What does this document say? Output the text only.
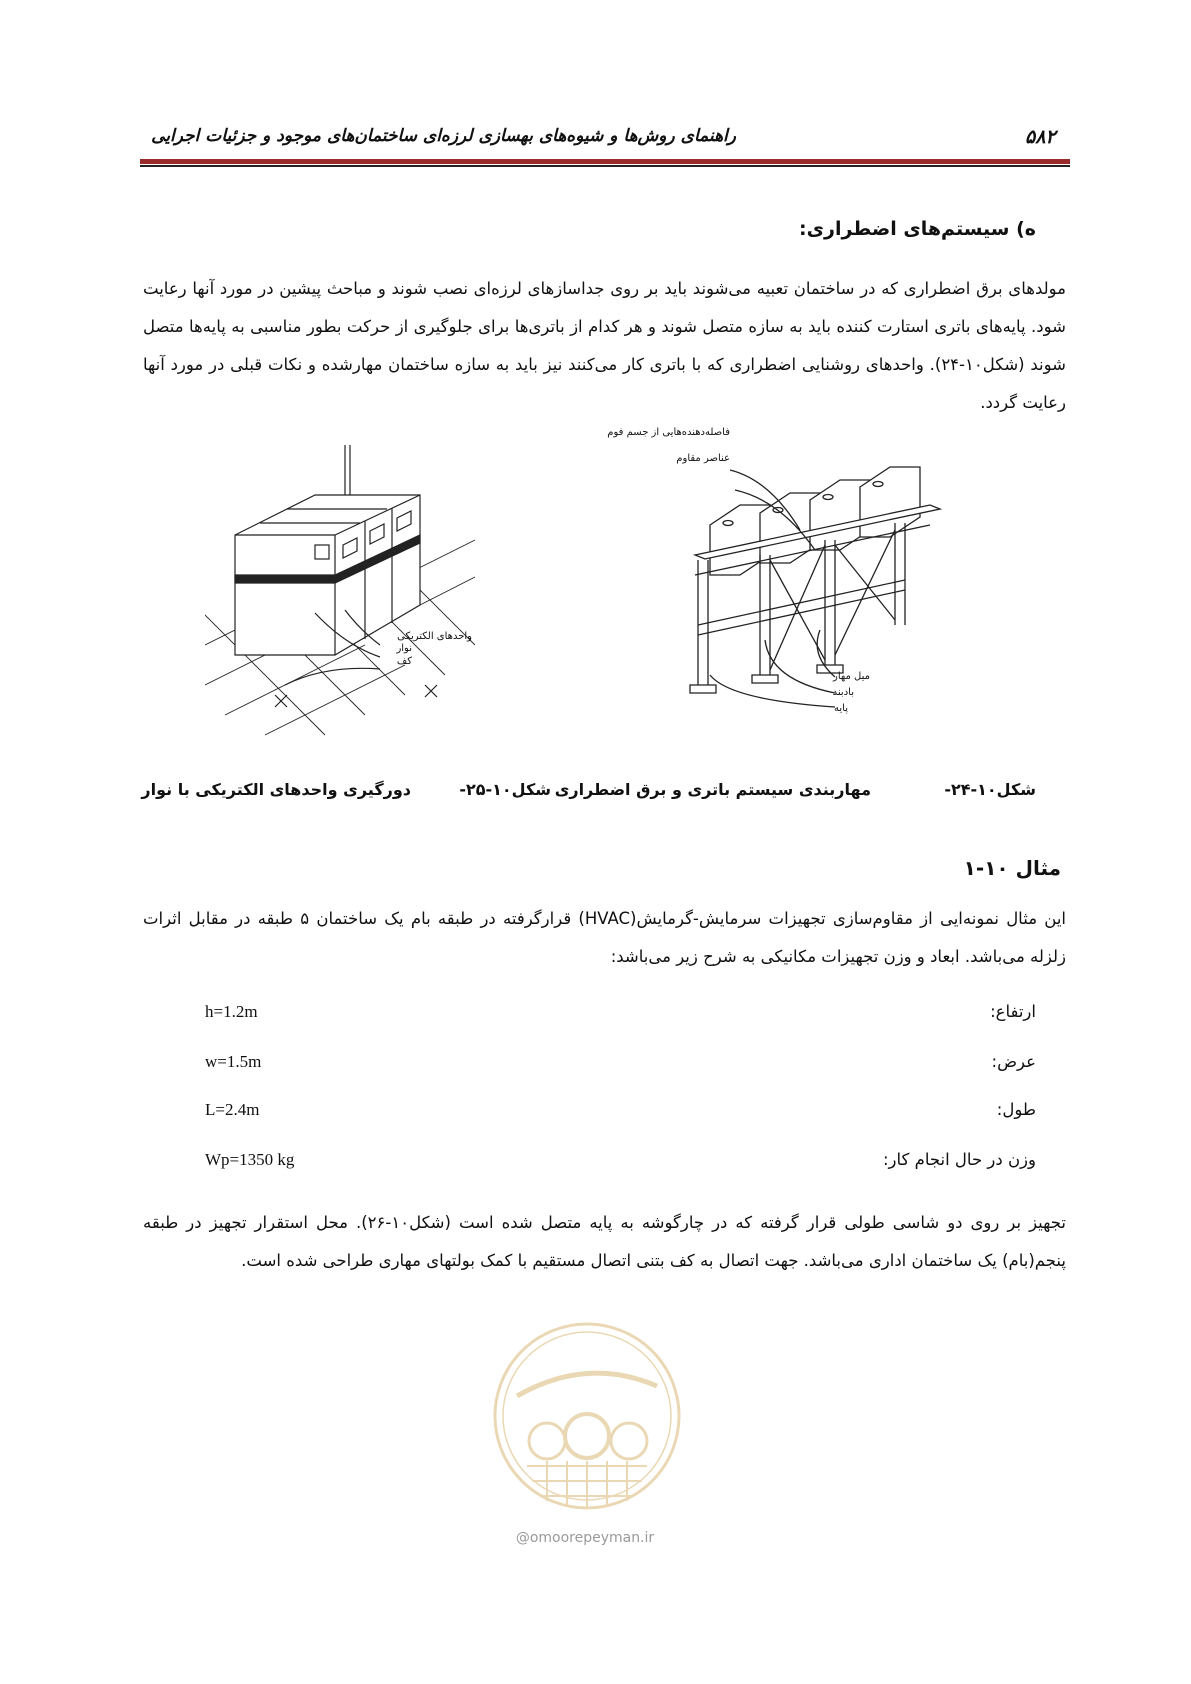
راهنمای روش‌ها و شیوه‌های بهسازی لرزه‌ای ساختمان‌های موجود و جزئیات اجرایی	۵۸۲
ه) سیستم‌های اضطراری:
مولدهای برق اضطراری که در ساختمان تعبیه می‌شوند باید بر روی جداسازهای لرزه‌ای نصب شوند و مباحث پیشین در مورد آنها رعایت شود. پایه‌های باتری استارت کننده باید به سازه متصل شوند و هر کدام از باتری‌ها برای جلوگیری از حرکت بطور مناسبی به پایه‌ها متصل شوند (شکل۱۰-۲۴). واحدهای روشنایی اضطراری که با باتری کار می‌کنند نیز باید به سازه ساختمان مهارشده و نکات قبلی در مورد آنها رعایت گردد.
واحدهای الکتریکی
نوار
کف
فاصله‌دهنده‌هایی از جسم فوم
عناصر مقاوم
میل مهار
بادبند
پایه
شکل۱۰-۲۴-
مهاربندی سیستم باتری و برق اضطراری
شکل۱۰-۲۵-
دورگیری واحدهای الکتریکی با نوار
مثال ۱۰-۱
این مثال نمونه‌ایی از مقاوم‌سازی تجهیزات سرمایش-گرمایش(HVAC) قرارگرفته در طبقه بام یک ساختمان ۵ طبقه در مقابل اثرات زلزله می‌باشد. ابعاد و وزن تجهیزات مکانیکی به شرح زیر می‌باشد:
ارتفاع:
h=1.2m
عرض:
w=1.5m
طول:
L=2.4m
وزن در حال انجام کار:
Wp=1350 kg
تجهیز بر روی دو شاسی طولی قرار گرفته که در چارگوشه به پایه متصل شده است (شکل۱۰-۲۶). محل استقرار تجهیز در طبقه پنجم(بام) یک ساختمان اداری می‌باشد. جهت اتصال به کف بتنی اتصال مستقیم با کمک بولتهای مهاری طراحی شده است.
@omoorepeyman.ir
